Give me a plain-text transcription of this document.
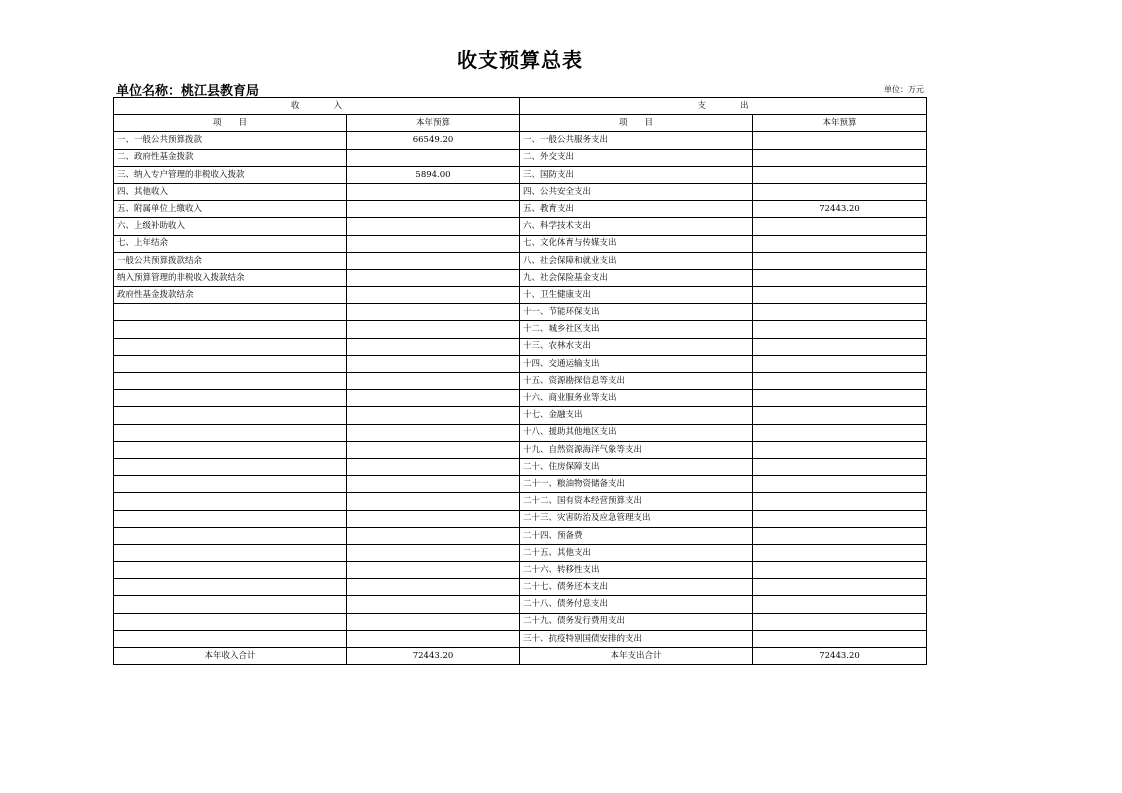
收支预算总表
单位名称：桃江县教育局	单位：万元
收　　　　入		支　　　　出	
项　　目	本年预算	项　　目	本年预算
一、一般公共预算拨款	66549.20	一、一般公共服务支出	
二、政府性基金拨款		二、外交支出	
三、纳入专户管理的非税收入拨款	5894.00	三、国防支出	
四、其他收入		四、公共安全支出	
五、附属单位上缴收入		五、教育支出	72443.20
六、上级补助收入		六、科学技术支出	
七、上年结余		七、文化体育与传媒支出	
一般公共预算拨款结余		八、社会保障和就业支出	
纳入预算管理的非税收入拨款结余		九、社会保险基金支出	
政府性基金拨款结余		十、卫生健康支出	
		十一、节能环保支出	
		十二、城乡社区支出	
		十三、农林水支出	
		十四、交通运输支出	
		十五、资源勘探信息等支出	
		十六、商业服务业等支出	
		十七、金融支出	
		十八、援助其他地区支出	
		十九、自然资源海洋气象等支出	
		二十、住房保障支出	
		二十一、粮油物资储备支出	
		二十二、国有资本经营预算支出	
		二十三、灾害防治及应急管理支出	
		二十四、预备费	
		二十五、其他支出	
		二十六、转移性支出	
		二十七、债务还本支出	
		二十八、债务付息支出	
		二十九、债务发行费用支出	
		三十、抗疫特别国债安排的支出	
本年收入合计	72443.20	本年支出合计	72443.20
